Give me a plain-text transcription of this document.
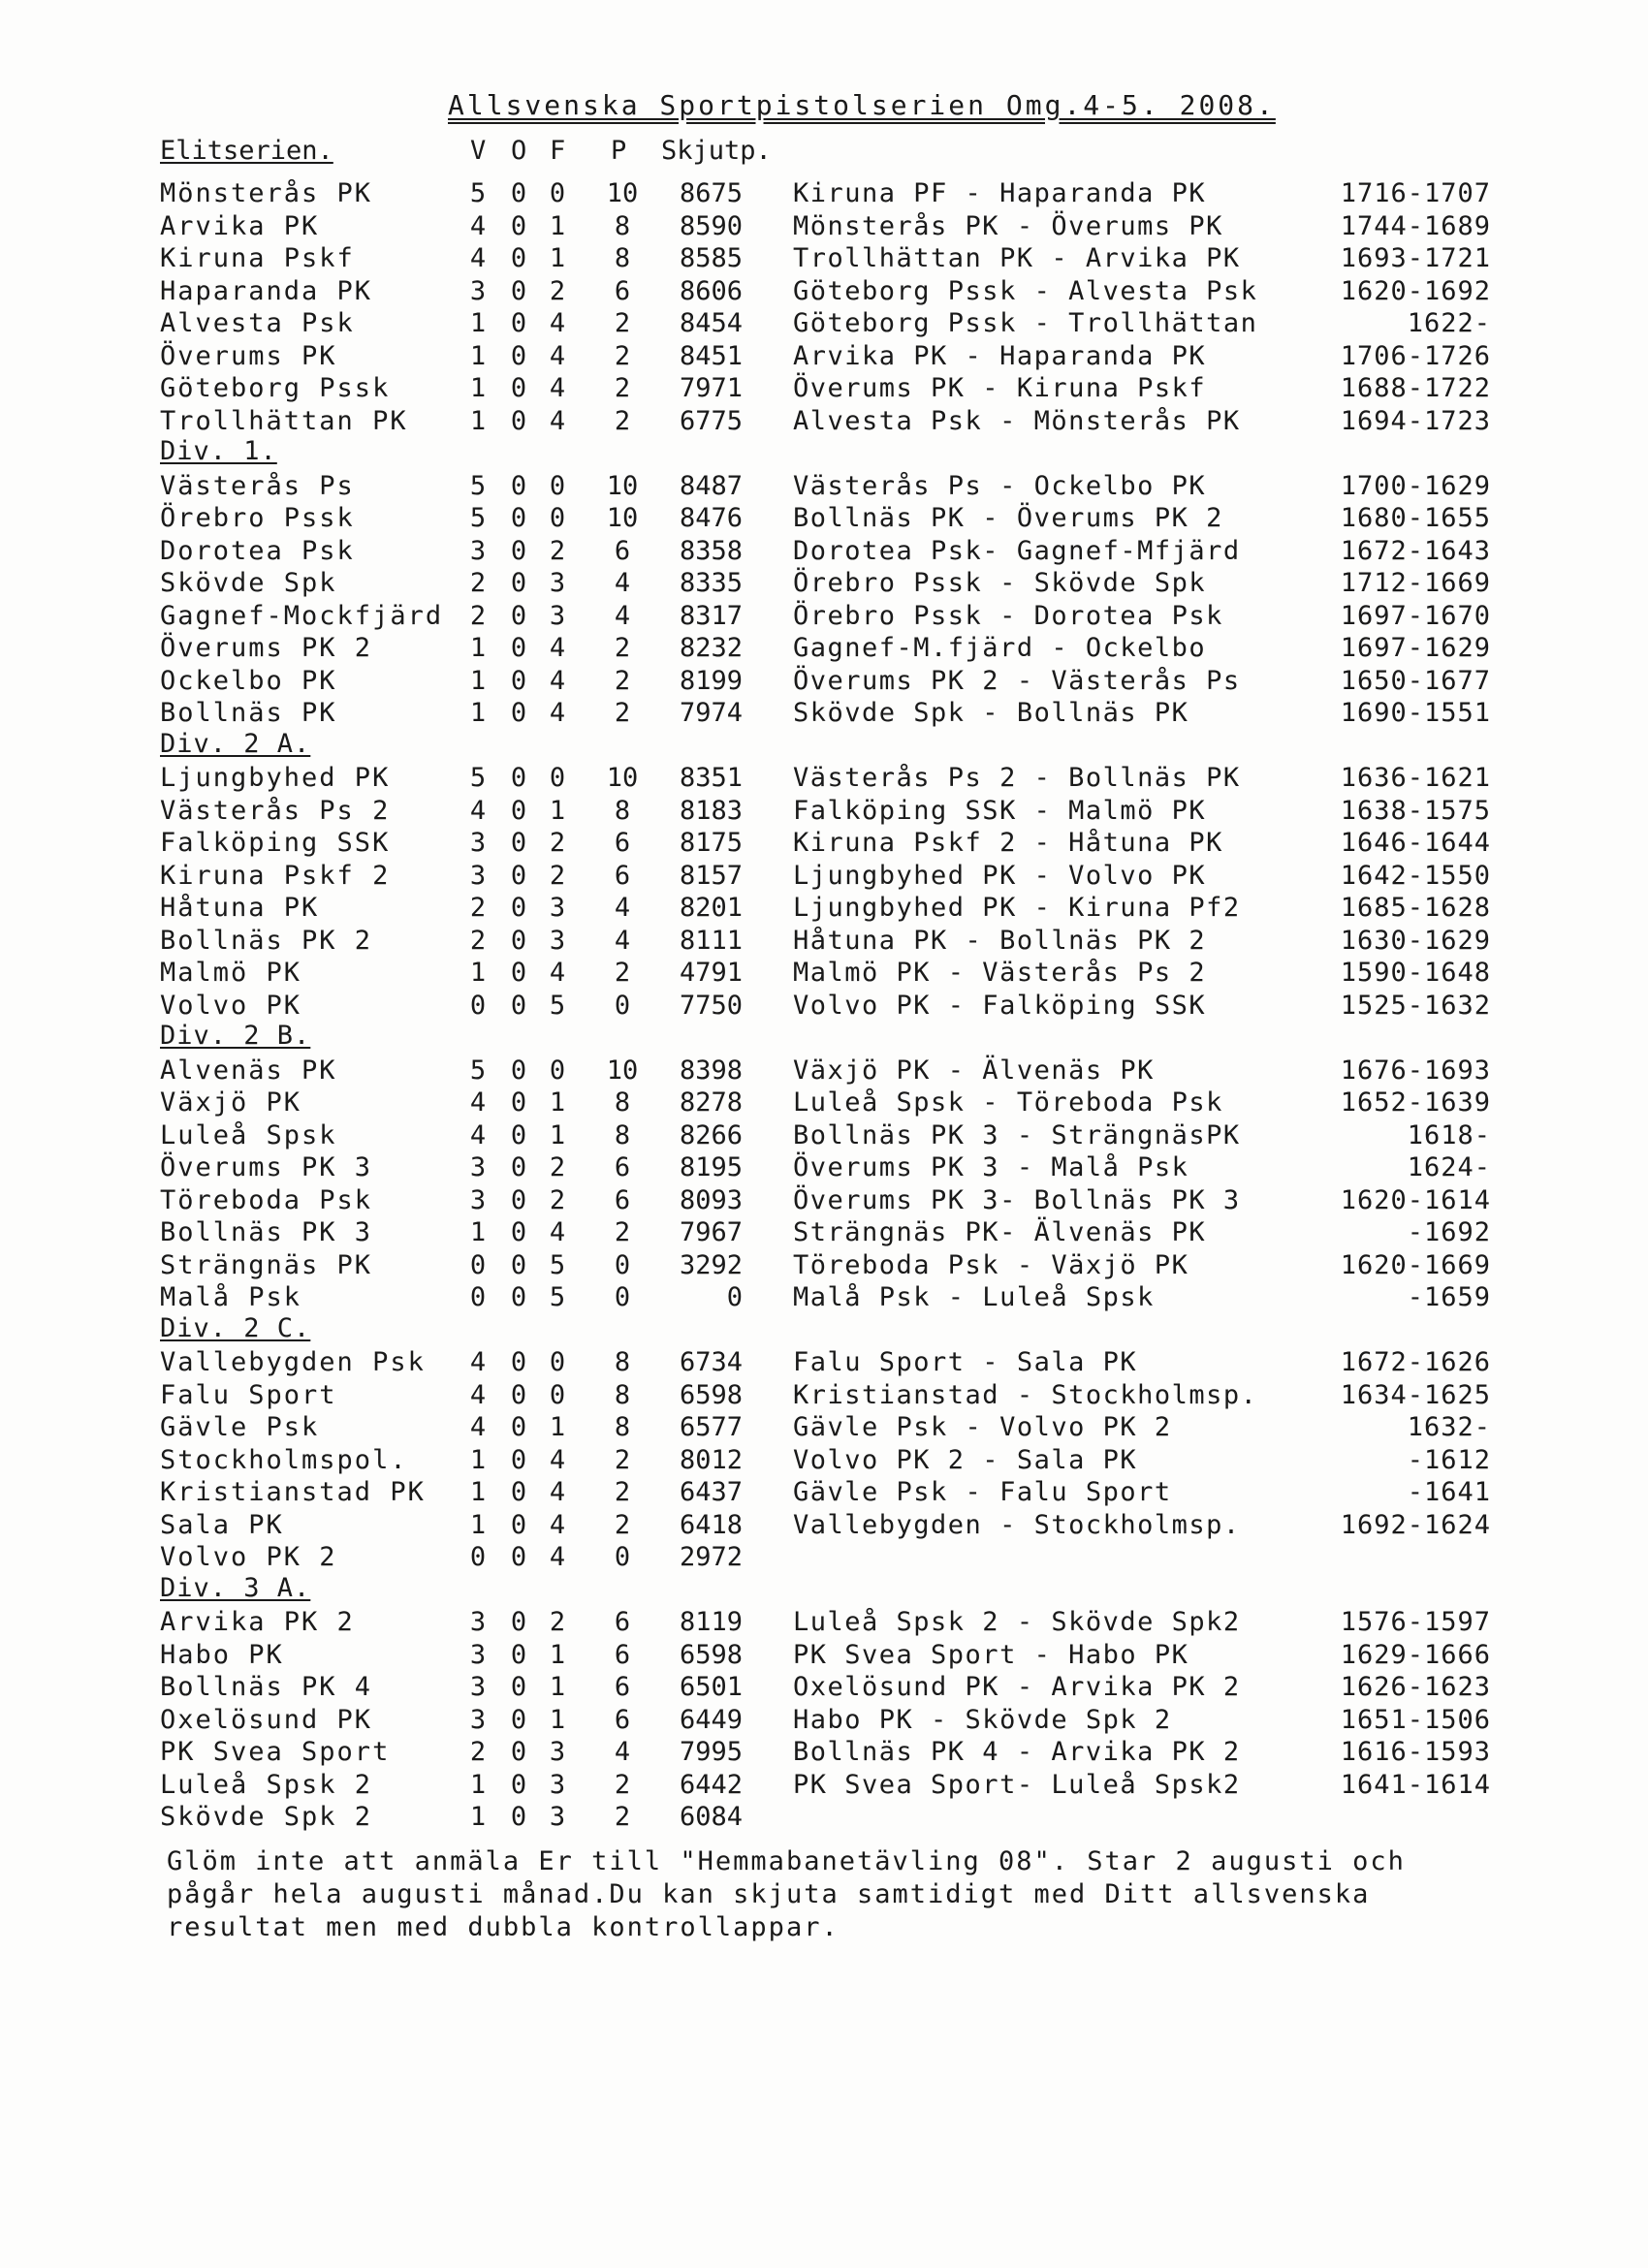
Allsvenska Sportpistolserien Omg.4-5. 2008.
Elitserien.	V O F P Skjutp.
Mönsterås PK	5 0 0 10	8675 Kiruna PF - Haparanda PK	1716-1707
Arvika PK	4 0 1	8	8590 Mönsterås PK - Överums PK	1744-1689
Kiruna Pskf	4 0 1	8	8585 Trollhättan PK - Arvika PK	1693-1721
Haparanda PK	3 0 2	6	8606 Göteborg Pssk - Alvesta Psk	1620-1692
Alvesta Psk	1 0 4	2	8454 Göteborg Pssk - Trollhättan	1622-
Överums PK	1 0 4	2	8451 Arvika PK - Haparanda PK	1706-1726
Göteborg Pssk	1 0 4	2	7971 Överums PK - Kiruna Pskf	1688-1722
Trollhättan PK	1 0 4	2	6775 Alvesta Psk - Mönsterås PK	1694-1723
Div. 1.
Västerås Ps	5 0 0 10	8487 Västerås Ps - Ockelbo PK	1700-1629
Örebro Pssk	5 0 0 10	8476 Bollnäs PK - Överums PK 2	1680-1655
Dorotea Psk	3 0 2	6	8358 Dorotea Psk- Gagnef-Mfjärd	1672-1643
Skövde Spk	2 0 3	4	8335 Örebro Pssk - Skövde Spk	1712-1669
Gagnef-Mockfjärd	2 0 3	4	8317 Örebro Pssk - Dorotea Psk	1697-1670
Överums PK 2	1 0 4	2	8232 Gagnef-M.fjärd - Ockelbo	1697-1629
Ockelbo PK	1 0 4	2	8199 Överums PK 2 - Västerås Ps	1650-1677
Bollnäs PK	1 0 4	2	7974 Skövde Spk - Bollnäs PK	1690-1551
Div. 2 A.
Ljungbyhed PK	5 0 0 10	8351 Västerås Ps 2 - Bollnäs PK	1636-1621
Västerås Ps 2	4 0 1	8	8183 Falköping SSK - Malmö PK	1638-1575
Falköping SSK	3 0 2	6	8175 Kiruna Pskf 2 - Håtuna PK	1646-1644
Kiruna Pskf 2	3 0 2	6	8157 Ljungbyhed PK - Volvo PK	1642-1550
Håtuna PK	2 0 3	4	8201 Ljungbyhed PK - Kiruna Pf2	1685-1628
Bollnäs PK 2	2 0 3	4	8111 Håtuna PK - Bollnäs PK 2	1630-1629
Malmö PK	1 0 4	2	4791 Malmö PK - Västerås Ps 2	1590-1648
Volvo PK	0 0 5	0	7750 Volvo PK - Falköping SSK	1525-1632
Div. 2 B.
Alvenäs PK	5 0 0 10	8398 Växjö PK - Älvenäs PK	1676-1693
Växjö PK	4 0 1	8	8278 Luleå Spsk - Töreboda Psk	1652-1639
Luleå Spsk	4 0 1	8	8266 Bollnäs PK 3 - SträngnäsPK	1618-
Överums PK 3	3 0 2	6	8195 Överums PK 3 - Malå Psk	1624-
Töreboda Psk	3 0 2	6	8093 Överums PK 3- Bollnäs PK 3	1620-1614
Bollnäs PK 3	1 0 4	2	7967 Strängnäs PK- Älvenäs PK	-1692
Strängnäs PK	0 0 5	0	3292 Töreboda Psk - Växjö PK	1620-1669
Malå Psk	0 0 5	0	0 Malå Psk - Luleå Spsk	-1659
Div. 2 C.
Vallebygden Psk	4 0 0	8	6734 Falu Sport - Sala PK	1672-1626
Falu Sport	4 0 0	8	6598 Kristianstad - Stockholmsp.	1634-1625
Gävle Psk	4 0 1	8	6577 Gävle Psk - Volvo PK 2	1632-
Stockholmspol.	1 0 4	2	8012 Volvo PK 2 - Sala PK	-1612
Kristianstad PK	1 0 4	2	6437 Gävle Psk - Falu Sport	-1641
Sala PK	1 0 4	2	6418 Vallebygden - Stockholmsp.	1692-1624
Volvo PK 2	0 0 4	0	2972
Div. 3 A.
Arvika PK 2	3 0 2	6	8119 Luleå Spsk 2 - Skövde Spk2	1576-1597
Habo PK	3 0 1	6	6598 PK Svea Sport - Habo PK	1629-1666
Bollnäs PK 4	3 0 1	6	6501 Oxelösund PK - Arvika PK 2	1626-1623
Oxelösund PK	3 0 1	6	6449 Habo PK - Skövde Spk 2	1651-1506
PK Svea Sport	2 0 3	4	7995 Bollnäs PK 4 - Arvika PK 2	1616-1593
Luleå Spsk 2	1 0 3	2	6442 PK Svea Sport- Luleå Spsk2	1641-1614
Skövde Spk 2	1 0 3	2	6084

Glöm inte att anmäla Er till "Hemmabanetävling 08". Star 2 augusti och

pågår hela augusti månad.Du kan skjuta samtidigt med Ditt allsvenska

resultat men med dubbla kontrollappar.
